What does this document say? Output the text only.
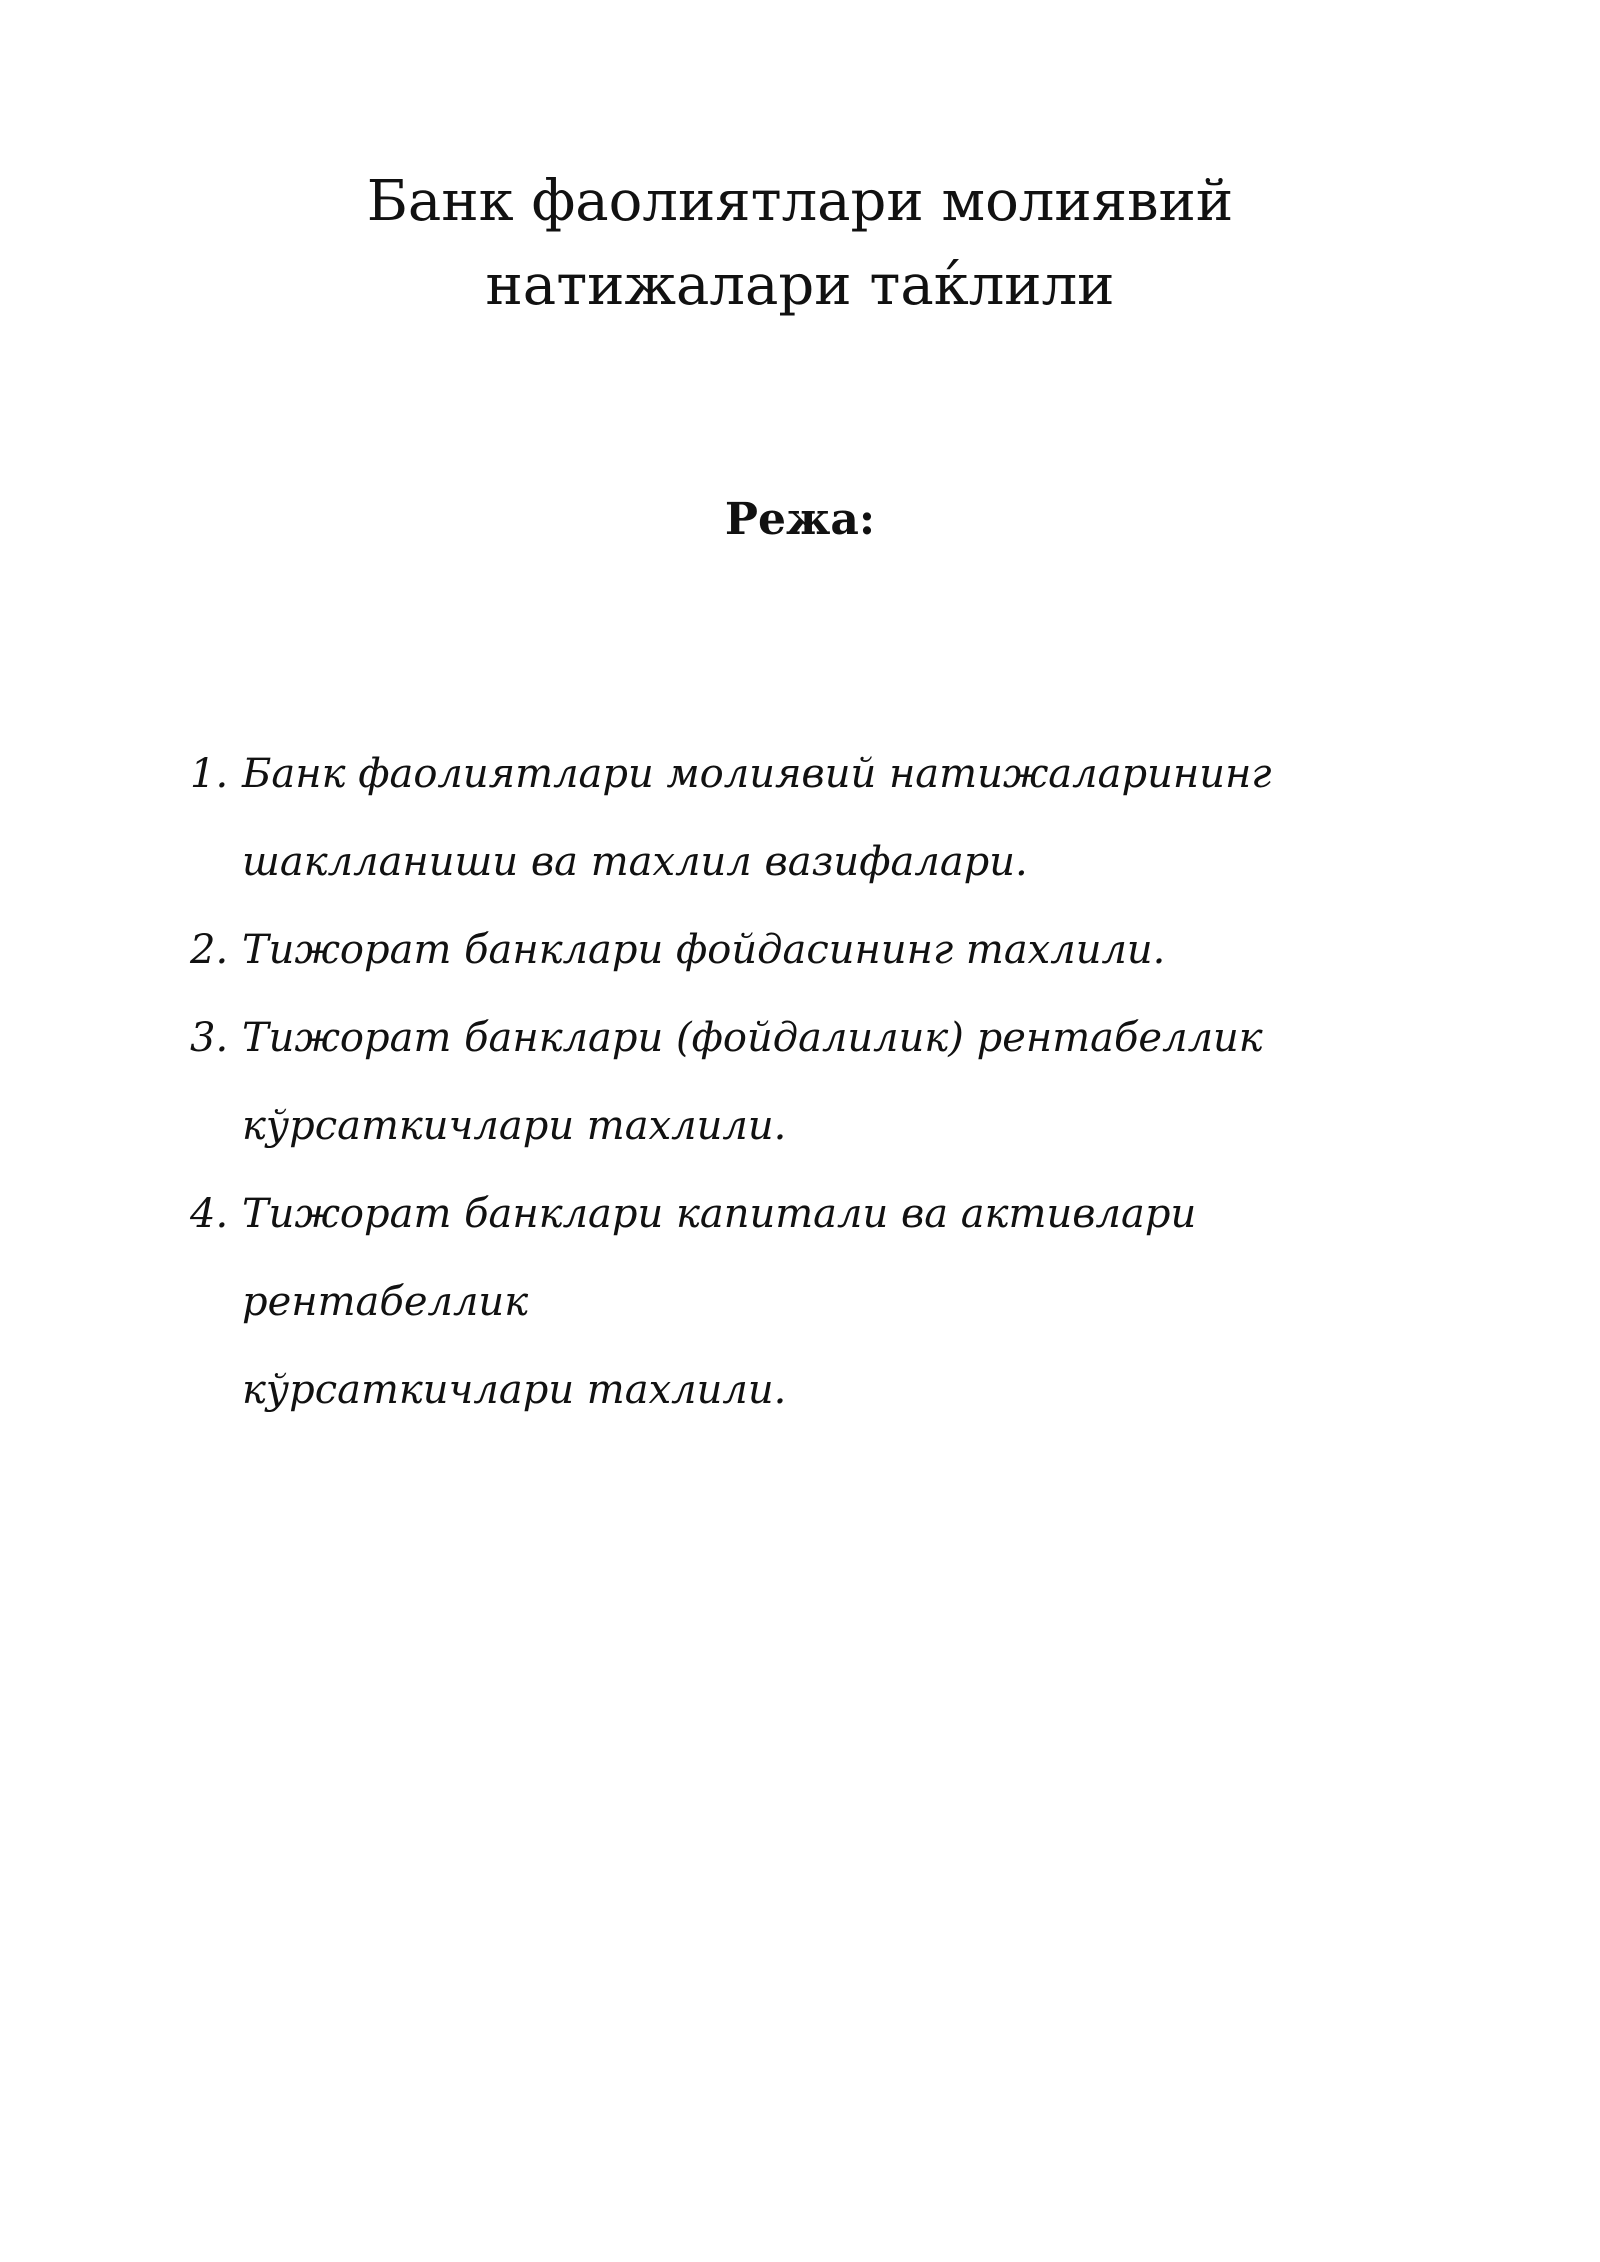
Банк фаолиятлари молиявий
натижалари таќлили
Режа:
1. Банк фаолиятлари молиявий натижаларининг
шаклланиши ва тахлил вазифалари.
2. Тижорат банклари фойдасининг тахлили.
3. Тижорат банклари (фойдалилик) рентабеллик
кўрсаткичлари тахлили.
4. Тижорат банклари капитали ва активлари рентабеллик
кўрсаткичлари тахлили.
